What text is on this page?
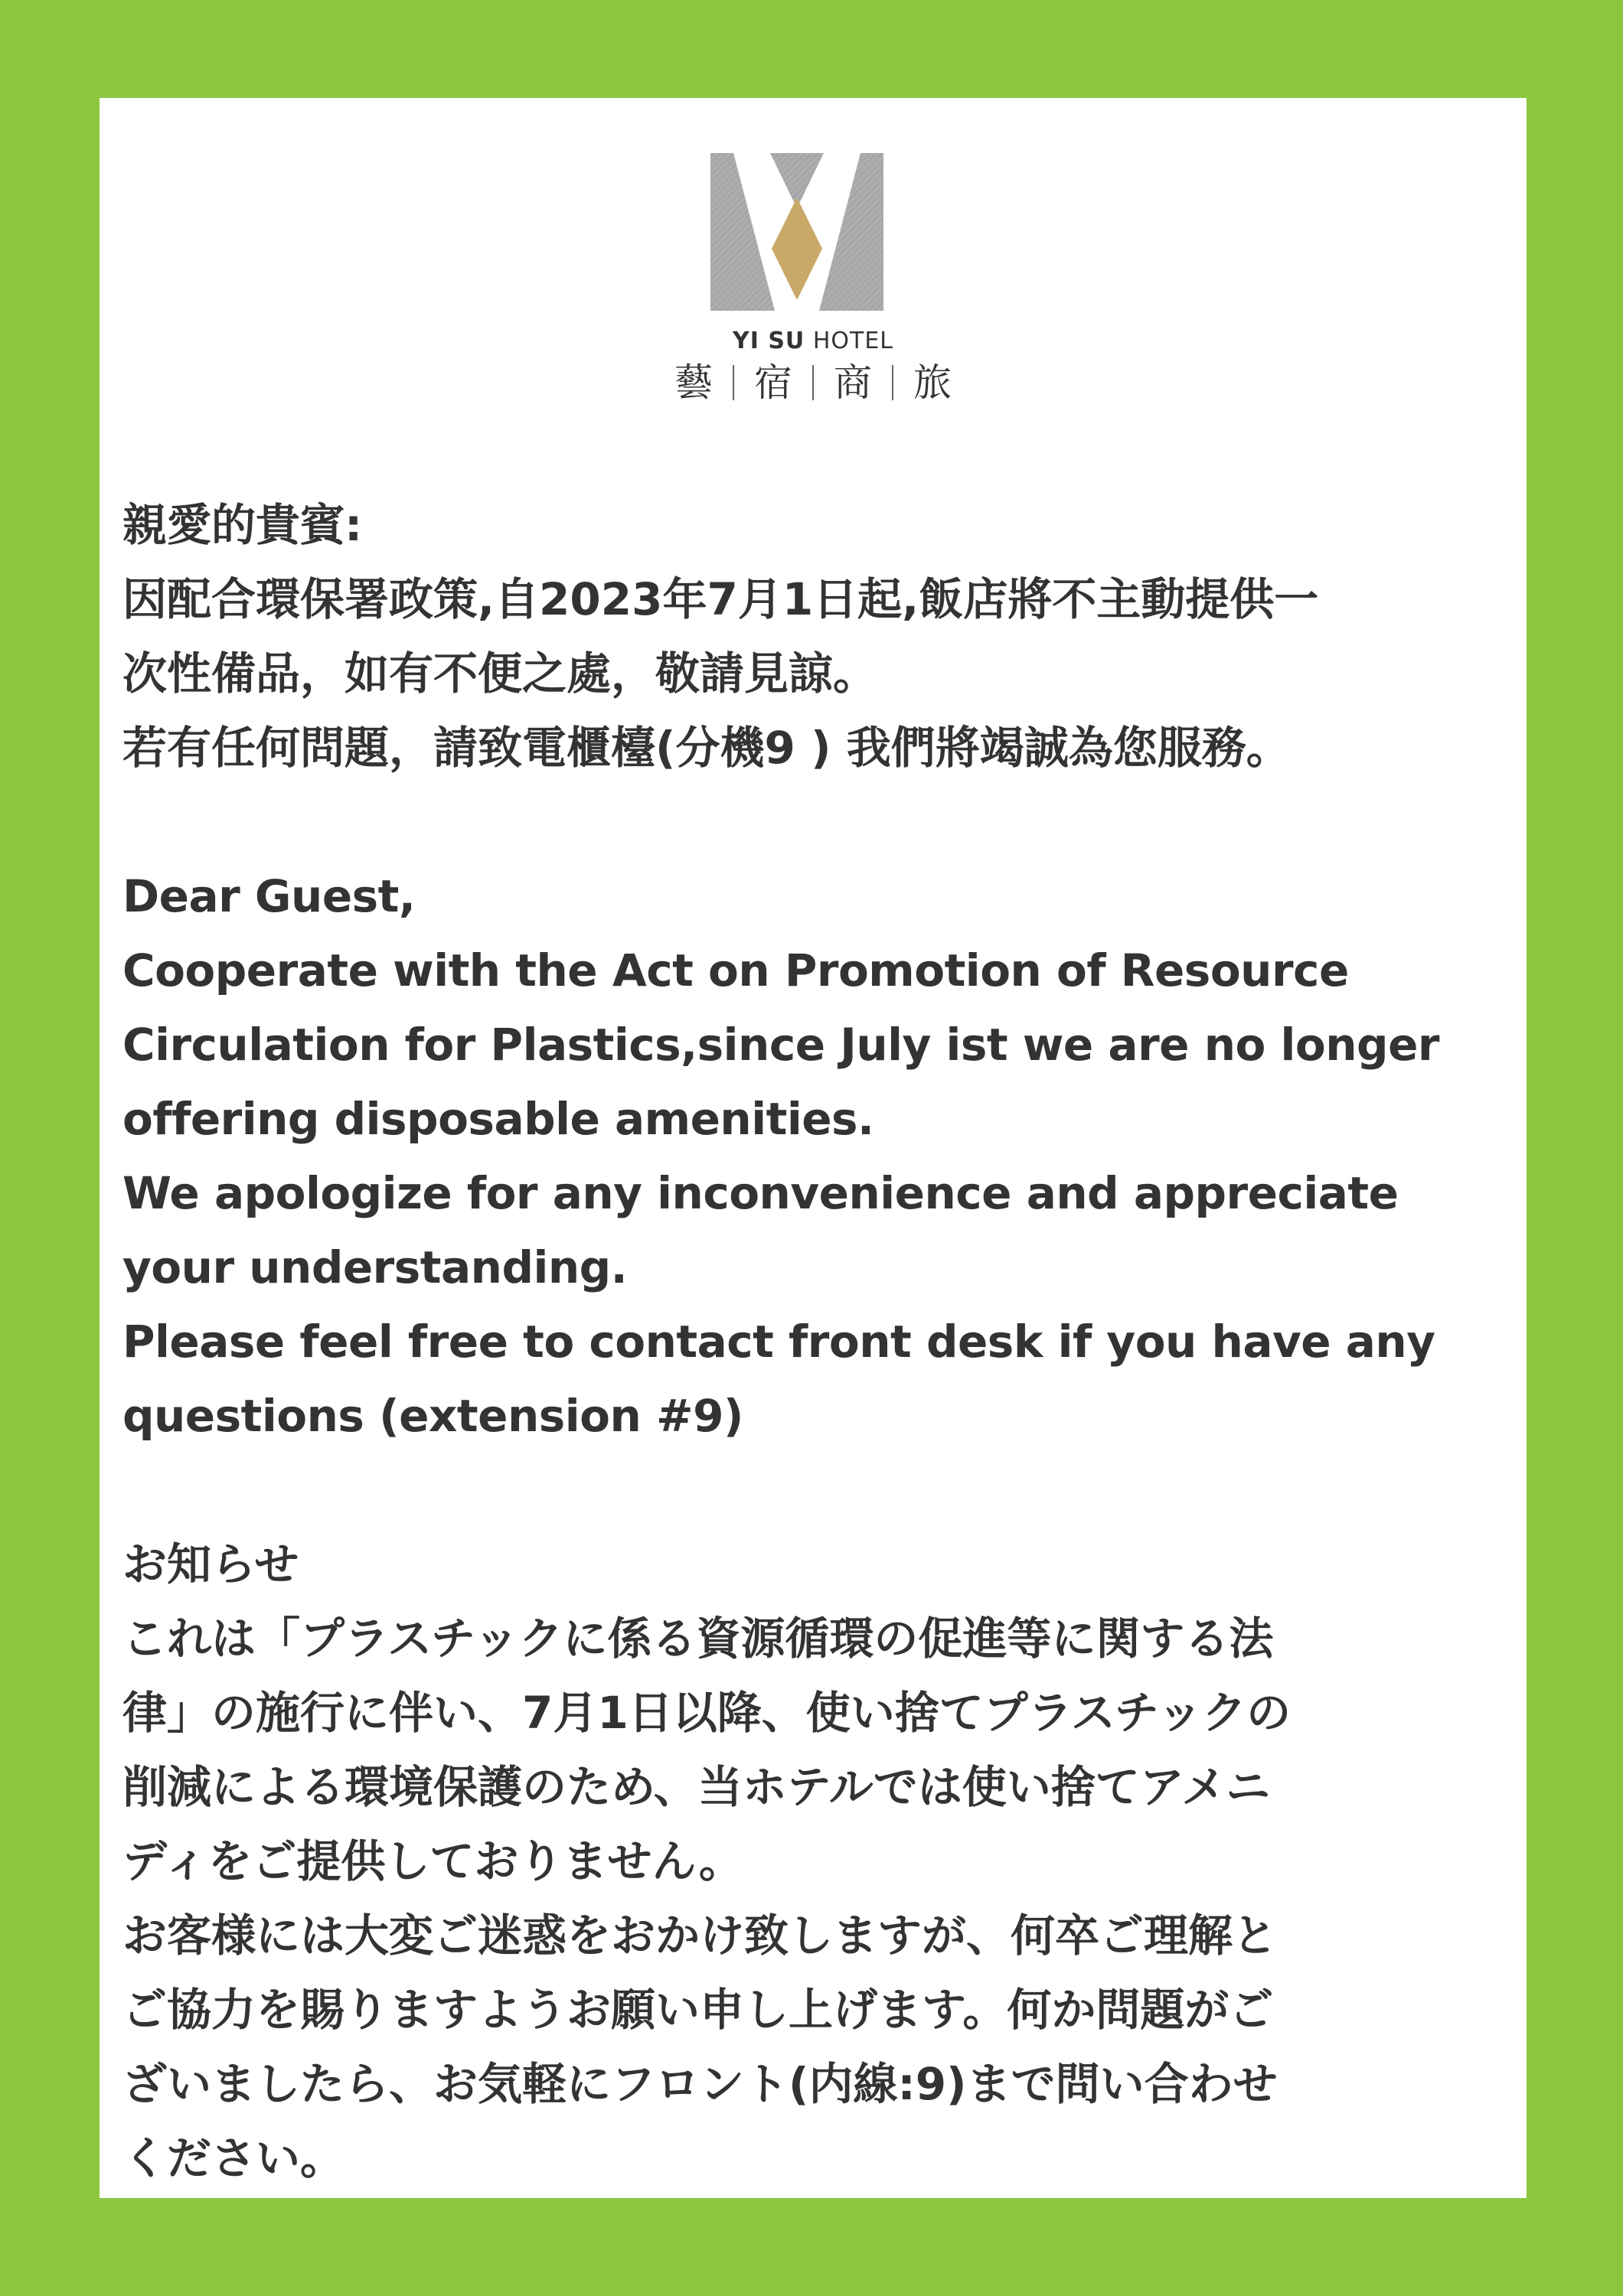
YI SU HOTEL
藝 宿 商 旅

親愛的貴賓:

因配合環保署政策,自2023年7月1日起,飯店將不主動提供一

次性備品，如有不便之處，敬請見諒。

若有任何問題，請致電櫃檯(分機9 ) 我們將竭誠為您服務。

Dear Guest,

Cooperate with the Act on Promotion of Resource

Circulation for Plastics,since July ist we are no longer

offering disposable amenities.

We apologize for any inconvenience and appreciate

your understanding.

Please feel free to contact front desk if you have any

questions (extension #9)

お知らせ

これは「プラスチックに係る資源循環の促進等に関する法

律」の施行に伴い、7月1日以降、使い捨てプラスチックの

削減による環境保護のため、当ホテルでは使い捨てアメニ

ディをご提供しておりません。

お客様には大変ご迷惑をおかけ致しますが、何卒ご理解と

ご協力を賜りますようお願い申し上げます。何か問題がご

ざいましたら、お気軽にフロント(内線:9)まで問い合わせ

ください。
